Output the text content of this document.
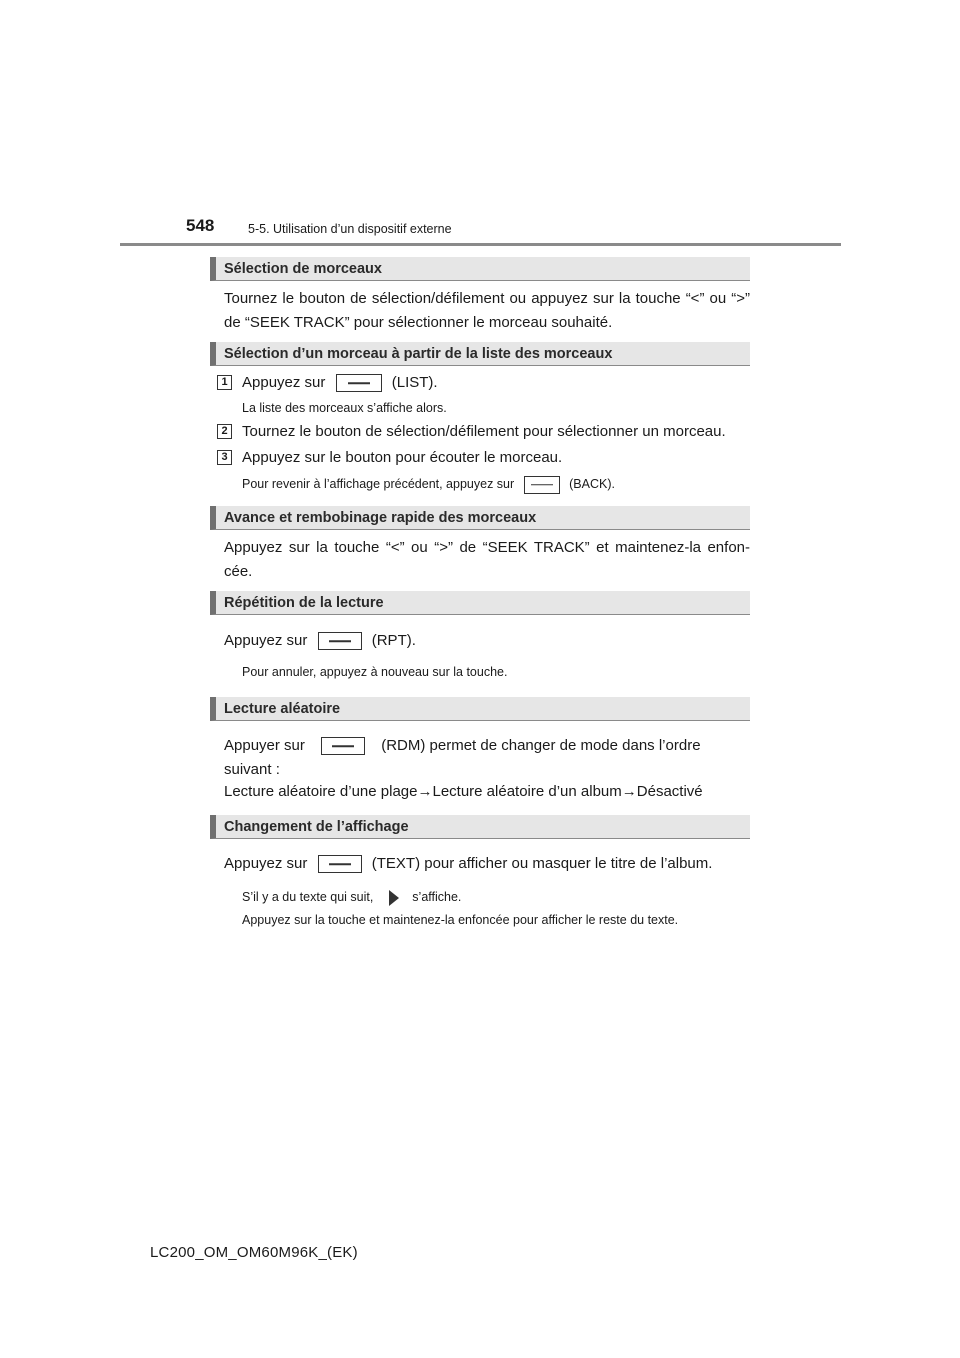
548	5-5. Utilisation d’un dispositif externe
Sélection de morceaux
Tournez le bouton de sélection/défilement ou appuyez sur la touche “<” ou “>” de “SEEK TRACK” pour sélectionner le morceau souhaité.
Sélection d’un morceau à partir de la liste des morceaux
1 Appuyez sur	(LIST).
La liste des morceaux s’affiche alors.
2 Tournez le bouton de sélection/défilement pour sélectionner un morceau.
3 Appuyez sur le bouton pour écouter le morceau.
Pour revenir à l’affichage précédent, appuyez sur	(BACK).
Avance et rembobinage rapide des morceaux
Appuyez sur la touche “<” ou “>” de “SEEK TRACK” et maintenez-la enfon-cée.
Répétition de la lecture
Appuyez sur	(RPT).
Pour annuler, appuyez à nouveau sur la touche.
Lecture aléatoire
Appuyer sur	(RDM) permet de changer de mode dans l’ordre
suivant :
Lecture aléatoire d’une plage→Lecture aléatoire d’un album→Désactivé
Changement de l’affichage
Appuyez sur	(TEXT) pour afficher ou masquer le titre de l’album.
S’il y a du texte qui suit,	s’affiche.
Appuyez sur la touche et maintenez-la enfoncée pour afficher le reste du texte.
LC200_OM_OM60M96K_(EK)
